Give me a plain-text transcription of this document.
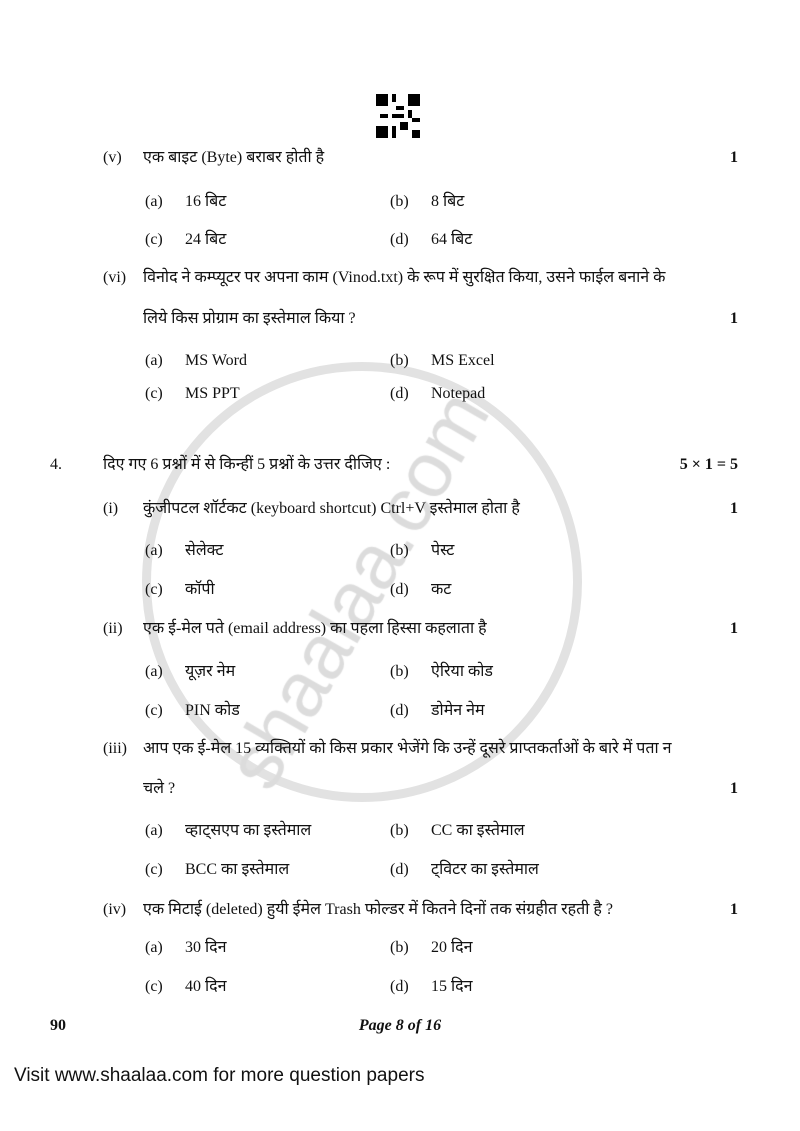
4.	दिए गए 6 प्रश्नों में से किन्हीं 5 प्रश्नों के उत्तर दीजिए :	5 × 1 = 5
(v) एक बाइट (Byte) बराबर होती है	1
(a) 16 बिट	(b) 8 बिट
(c) 24 बिट	(d) 64 बिट
(vi) विनोद ने कम्प्यूटर पर अपना काम (Vinod.txt) के रूप में सुरक्षित किया, उसने फाईल बनाने के
लिये किस प्रोग्राम का इस्तेमाल किया ?	1
(a) MS Word	(b) MS Excel
(c) MS PPT	(d) Notepad
(i) कुंजीपटल शॉर्टकट (keyboard shortcut) Ctrl+V इस्तेमाल होता है	1
(a) सेलेक्ट	(b) पेस्ट
(c) कॉपी	(d) कट
(ii) एक ई-मेल पते (email address) का पहला हिस्सा कहलाता है	1
(a) यूज़र नेम	(b) ऐरिया कोड
(c) PIN कोड	(d) डोमेन नेम
(iii) आप एक ई-मेल 15 व्यक्तियों को किस प्रकार भेजेंगे कि उन्हें दूसरे प्राप्तकर्ताओं के बारे में पता न
चले ?	1
(a) व्हाट्सएप का इस्तेमाल	(b) CC का इस्तेमाल
(c) BCC का इस्तेमाल	(d) ट्विटर का इस्तेमाल
(iv) एक मिटाई (deleted) हुयी ईमेल Trash फोल्डर में कितने दिनों तक संग्रहीत रहती है ?	1
(a) 30 दिन	(b) 20 दिन
(c) 40 दिन	(d) 15 दिन
90	Page 8 of 16
Visit www.shaalaa.com for more question papers
